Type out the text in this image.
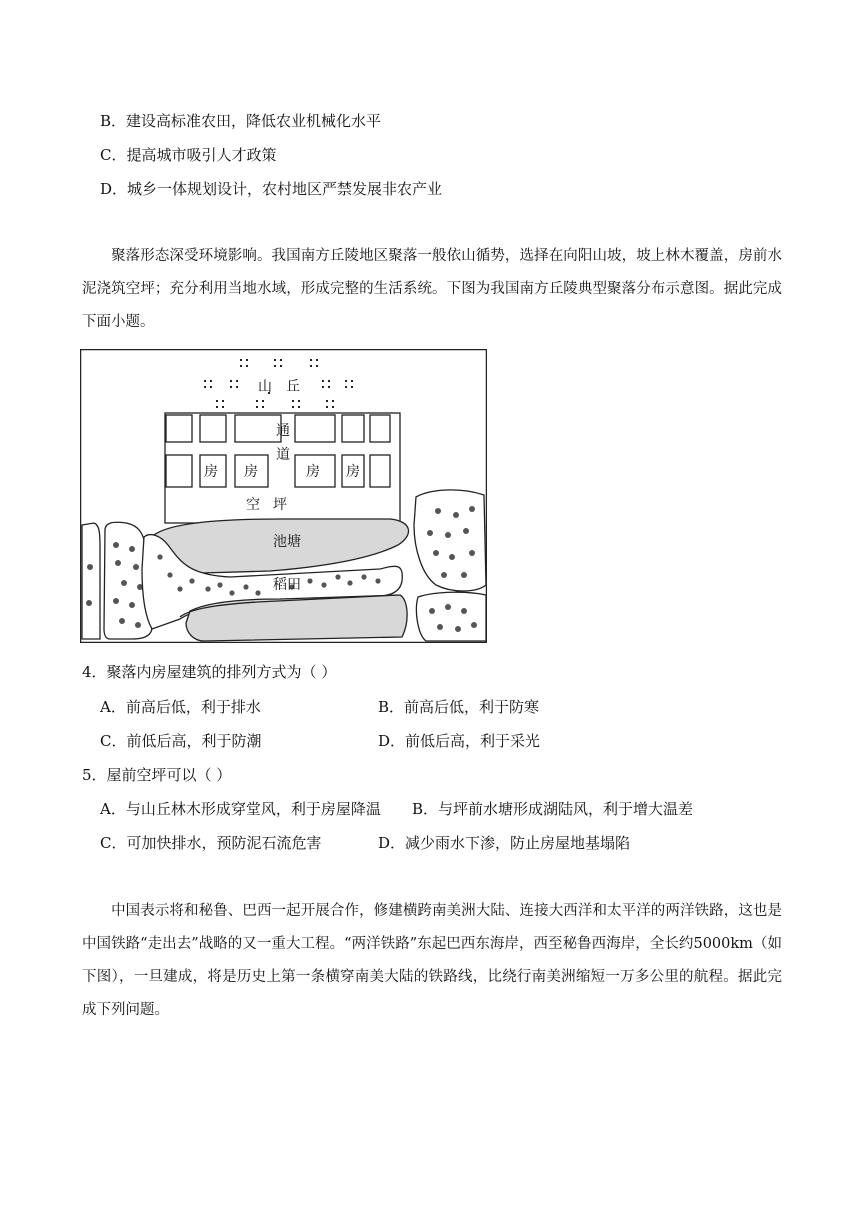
B．建设高标准农田，降低农业机械化水平
C．提高城市吸引人才政策
D．城乡一体规划设计，农村地区严禁发展非农产业
聚落形态深受环境影响。我国南方丘陵地区聚落一般依山循势，选择在向阳山坡，坡上林木覆盖，房前水泥浇筑空坪；充分利用当地水域，形成完整的生活系统。下图为我国南方丘陵典型聚落分布示意图。据此完成下面小题。
山 丘
房 房	房 房
通
道
空 坪
池塘
稻田
4．聚落内房屋建筑的排列方式为（ ）
A．前高后低，利于排水	B．前高后低，利于防寒
C．前低后高，利于防潮	D．前低后高，利于采光
5．屋前空坪可以（ ）
A．与山丘林木形成穿堂风，利于房屋降温 B．与坪前水塘形成湖陆风，利于增大温差
C．可加快排水，预防泥石流危害	D．减少雨水下渗，防止房屋地基塌陷
中国表示将和秘鲁、巴西一起开展合作，修建横跨南美洲大陆、连接大西洋和太平洋的两洋铁路，这也是中国铁路“走出去”战略的又一重大工程。“两洋铁路”东起巴西东海岸，西至秘鲁西海岸，全长约5000km（如下图），一旦建成，将是历史上第一条横穿南美大陆的铁路线，比绕行南美洲缩短一万多公里的航程。据此完成下列问题。
